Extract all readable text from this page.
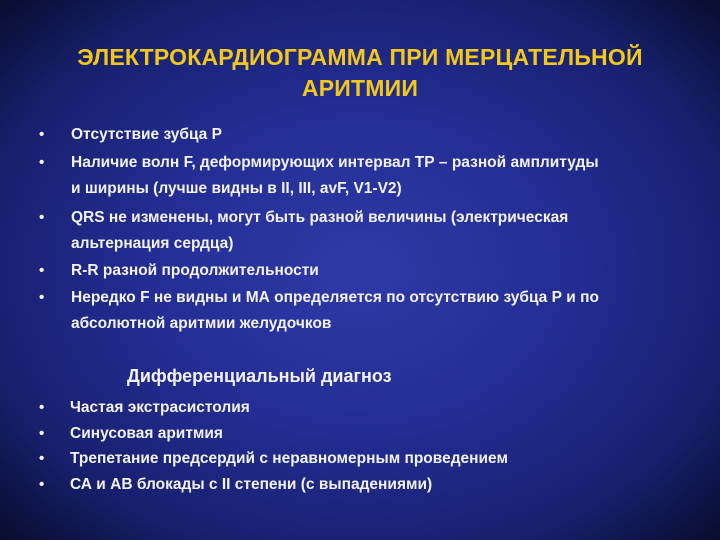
ЭЛЕКТРОКАРДИОГРАММА ПРИ МЕРЦАТЕЛЬНОЙ
АРИТМИИ
• Отсутствие зубца Р
• Наличие волн F, деформирующих интервал ТР – разной амплитуды
и ширины (лучше видны в II, III, avF, V1-V2)
• QRS не изменены, могут быть разной величины (электрическая
альтернация сердца)
• R-R разной продолжительности
• Нередко F не видны и МА определяется по отсутствию зубца Р и по
абсолютной аритмии желудочков
Дифференциальный диагноз
• Частая экстрасистолия
• Синусовая аритмия
• Трепетание предсердий с неравномерным проведением
• СА и АВ блокады с II степени (с выпадениями)
